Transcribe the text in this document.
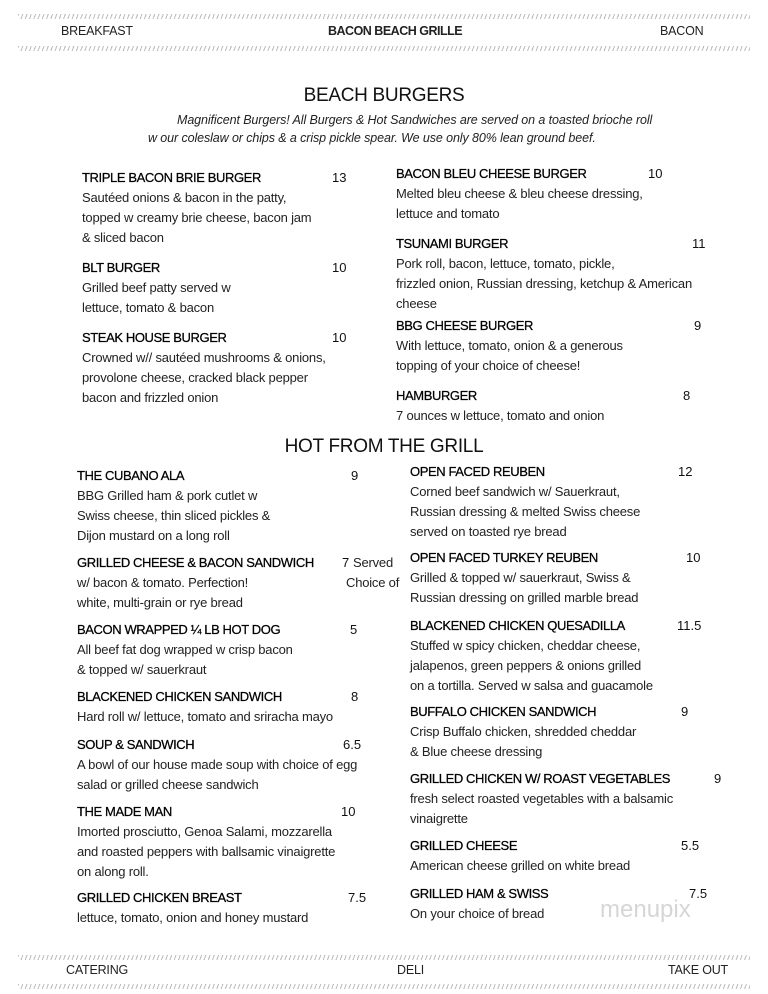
BREAKFAST	BACON BEACH GRILLE	BACON
BEACH BURGERS
Magnificent Burgers! All Burgers & Hot Sandwiches are served on a toasted brioche roll
w our coleslaw or chips & a crisp pickle spear. We use only 80% lean ground beef.
HOT FROM THE GRILL
TRIPLE BACON BRIE BURGER	13
Sautéed onions & bacon in the patty,
topped w creamy brie cheese, bacon jam
& sliced bacon
BLT BURGER	10
Grilled beef patty served w
lettuce, tomato & bacon
STEAK HOUSE BURGER	10
Crowned w// sautéed mushrooms & onions,
provolone cheese, cracked black pepper
bacon and frizzled onion
BACON BLEU CHEESE BURGER	10
Melted bleu cheese & bleu cheese dressing,
lettuce and tomato
TSUNAMI BURGER	11
Pork roll, bacon, lettuce, tomato, pickle,
frizzled onion, Russian dressing, ketchup & American
cheese
BBG CHEESE BURGER	9
With lettuce, tomato, onion & a generous
topping of your choice of cheese!
HAMBURGER	8
7 ounces w lettuce, tomato and onion
THE CUBANO ALA	9
BBG Grilled ham & pork cutlet w
Swiss cheese, thin sliced pickles &
Dijon mustard on a long roll
GRILLED CHEESE & BACON SANDWICH 7
w/ bacon & tomato. Perfection!
white, multi-grain or rye bread
Served
Choice of
BACON WRAPPED ¼ LB HOT DOG	5
All beef fat dog wrapped w crisp bacon
& topped w/ sauerkraut
BLACKENED CHICKEN SANDWICH	8
Hard roll w/ lettuce, tomato and sriracha mayo
SOUP & SANDWICH	6.5
A bowl of our house made soup with choice of egg
salad or grilled cheese sandwich
THE MADE MAN	10
Imorted prosciutto, Genoa Salami, mozzarella
and roasted peppers with ballsamic vinaigrette
on along roll.
GRILLED CHICKEN BREAST	7.5
lettuce, tomato, onion and honey mustard
OPEN FACED REUBEN	12
Corned beef sandwich w/ Sauerkraut,
Russian dressing & melted Swiss cheese
served on toasted rye bread
OPEN FACED TURKEY REUBEN	10
Grilled & topped w/ sauerkraut, Swiss &
Russian dressing on grilled marble bread
BLACKENED CHICKEN QUESADILLA	11.5
Stuffed w spicy chicken, cheddar cheese,
jalapenos, green peppers & onions grilled
on a tortilla. Served w salsa and guacamole
BUFFALO CHICKEN SANDWICH	9
Crisp Buffalo chicken, shredded cheddar
& Blue cheese dressing
GRILLED CHICKEN W/ ROAST VEGETABLES	9
fresh select roasted vegetables with a balsamic
vinaigrette
GRILLED CHEESE	5.5
American cheese grilled on white bread
GRILLED HAM & SWISS	7.5
On your choice of bread menupix
CATERING	DELI	TAKE OUT
